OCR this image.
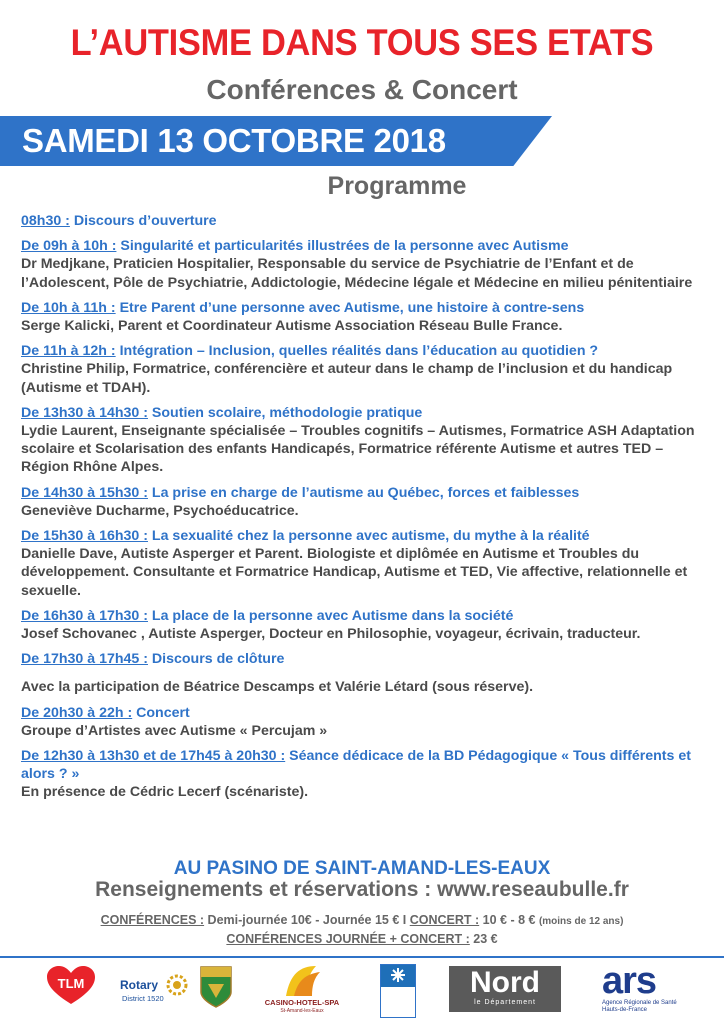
L’AUTISME DANS TOUS SES ETATS
Conférences & Concert
SAMEDI 13 OCTOBRE 2018
Programme
08h30 : Discours d’ouverture
De 09h à 10h : Singularité et particularités illustrées de la personne avec Autisme
Dr Medjkane, Praticien Hospitalier, Responsable du service de Psychiatrie de l’Enfant et de l’Adolescent, Pôle de Psychiatrie, Addictologie, Médecine légale et Médecine en milieu pénitentiaire
De 10h à 11h : Etre Parent d’une personne avec Autisme, une histoire à contre-sens
Serge Kalicki, Parent et Coordinateur Autisme Association Réseau Bulle France.
De 11h à 12h : Intégration – Inclusion, quelles réalités dans l’éducation au quotidien ?
Christine Philip, Formatrice, conférencière et auteur dans le champ de l’inclusion et du handicap (Autisme et TDAH).
De 13h30 à 14h30 : Soutien scolaire, méthodologie pratique
Lydie Laurent, Enseignante spécialisée – Troubles cognitifs – Autismes, Formatrice ASH Adaptation scolaire et Scolarisation des enfants Handicapés, Formatrice référente Autisme et autres TED – Région Rhône Alpes.
De 14h30 à 15h30 : La prise en charge de l’autisme au Québec, forces et faiblesses
Geneviève Ducharme, Psychoéducatrice.
De 15h30 à 16h30 : La sexualité chez la personne avec autisme, du mythe à la réalité
Danielle Dave, Autiste Asperger et Parent. Biologiste et diplômée en Autisme et Troubles du développement. Consultante et Formatrice Handicap, Autisme et TED, Vie affective, relationnelle et sexuelle.
De 16h30 à 17h30 : La place de la personne avec Autisme dans la société
Josef Schovanec , Autiste Asperger, Docteur en Philosophie, voyageur, écrivain, traducteur.
De 17h30 à 17h45 : Discours de clôture
Avec la participation de Béatrice Descamps et Valérie Létard (sous réserve).
De 20h30 à 22h : Concert
Groupe d’Artistes avec Autisme « Percujam »
De 12h30 à 13h30 et de 17h45 à 20h30 : Séance dédicace de la BD Pédagogique « Tous différents et alors ? »
En présence de Cédric Lecerf (scénariste).
AU PASINO DE SAINT-AMAND-LES-EAUX
Renseignements et réservations : www.reseaubulle.fr
CONFÉRENCES : Demi-journée 10€ - Journée 15 € I CONCERT : 10 € - 8 € (moins de 12 ans)
CONFÉRENCES JOURNÉE + CONCERT : 23 €
TLM	Rotary
District 1520	CASINO-HOTEL-SPA
St-Amand-les-Eaux
Nord
le Département
ars
Agence Régionale de Santé
Hauts-de-France
